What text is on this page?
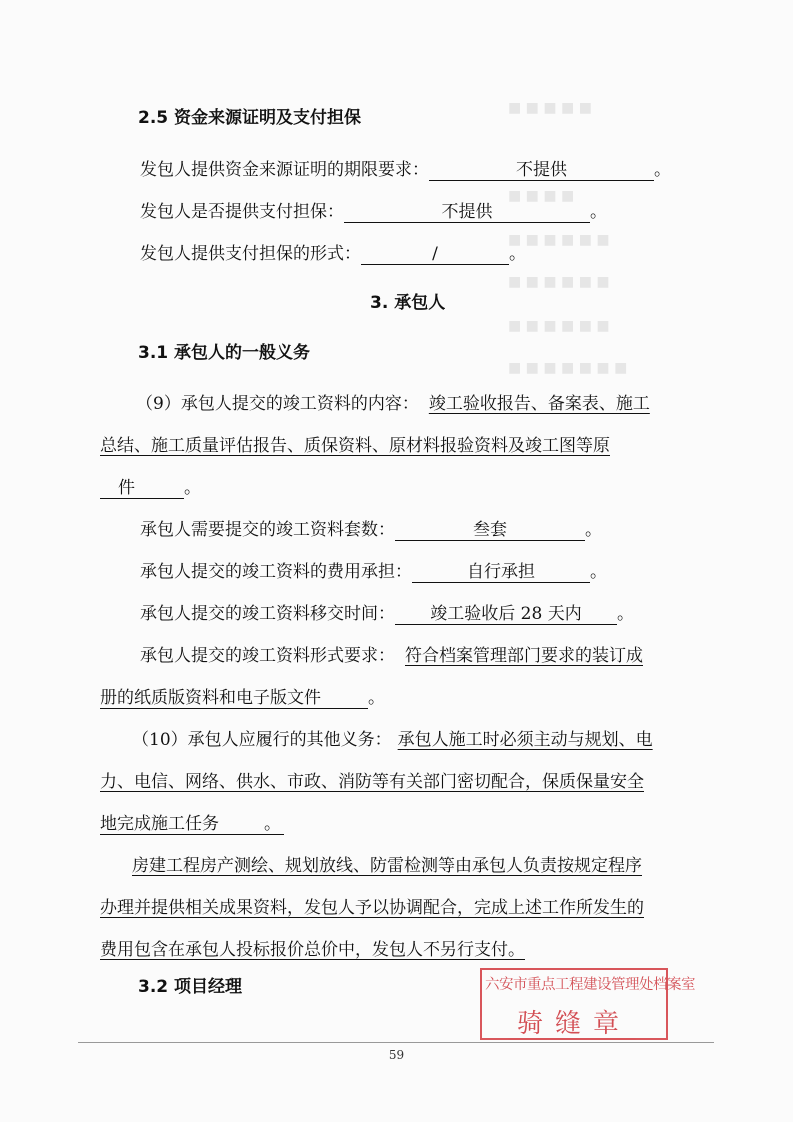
■ ■ ■ ■ ■
■ ■ ■ ■
■ ■ ■ ■ ■ ■
■ ■ ■ ■ ■ ■
■ ■ ■ ■ ■ ■
■ ■ ■ ■ ■ ■ ■
2.5 资金来源证明及支付担保
发包人提供资金来源证明的期限要求：	不提供	。
发包人是否提供支付担保：	不提供	。
发包人提供支付担保的形式：	/	。
3. 承包人
3.1 承包人的一般义务
（9）承包人提交的竣工资料的内容： 竣工验收报告、备案表、施工
总结、施工质量评估报告、质保资料、原材料报验资料及竣工图等原
件	。
承包人需要提交的竣工资料套数：	叁套	。
承包人提交的竣工资料的费用承担：	自行承担	。
承包人提交的竣工资料移交时间： 竣工验收后 28 天内 。
承包人提交的竣工资料形式要求： 符合档案管理部门要求的装订成
册的纸质版资料和电子版文件	。
（10）承包人应履行的其他义务： 承包人施工时必须主动与规划、电
力、电信、网络、供水、市政、消防等有关部门密切配合，保质保量安全
地完成施工任务	。
房建工程房产测绘、规划放线、防雷检测等由承包人负责按规定程序
办理并提供相关成果资料，发包人予以协调配合，完成上述工作所发生的
费用包含在承包人投标报价总价中，发包人不另行支付。
3.2 项目经理	六安市重点工程建设管理处档案室
骑缝章
59
